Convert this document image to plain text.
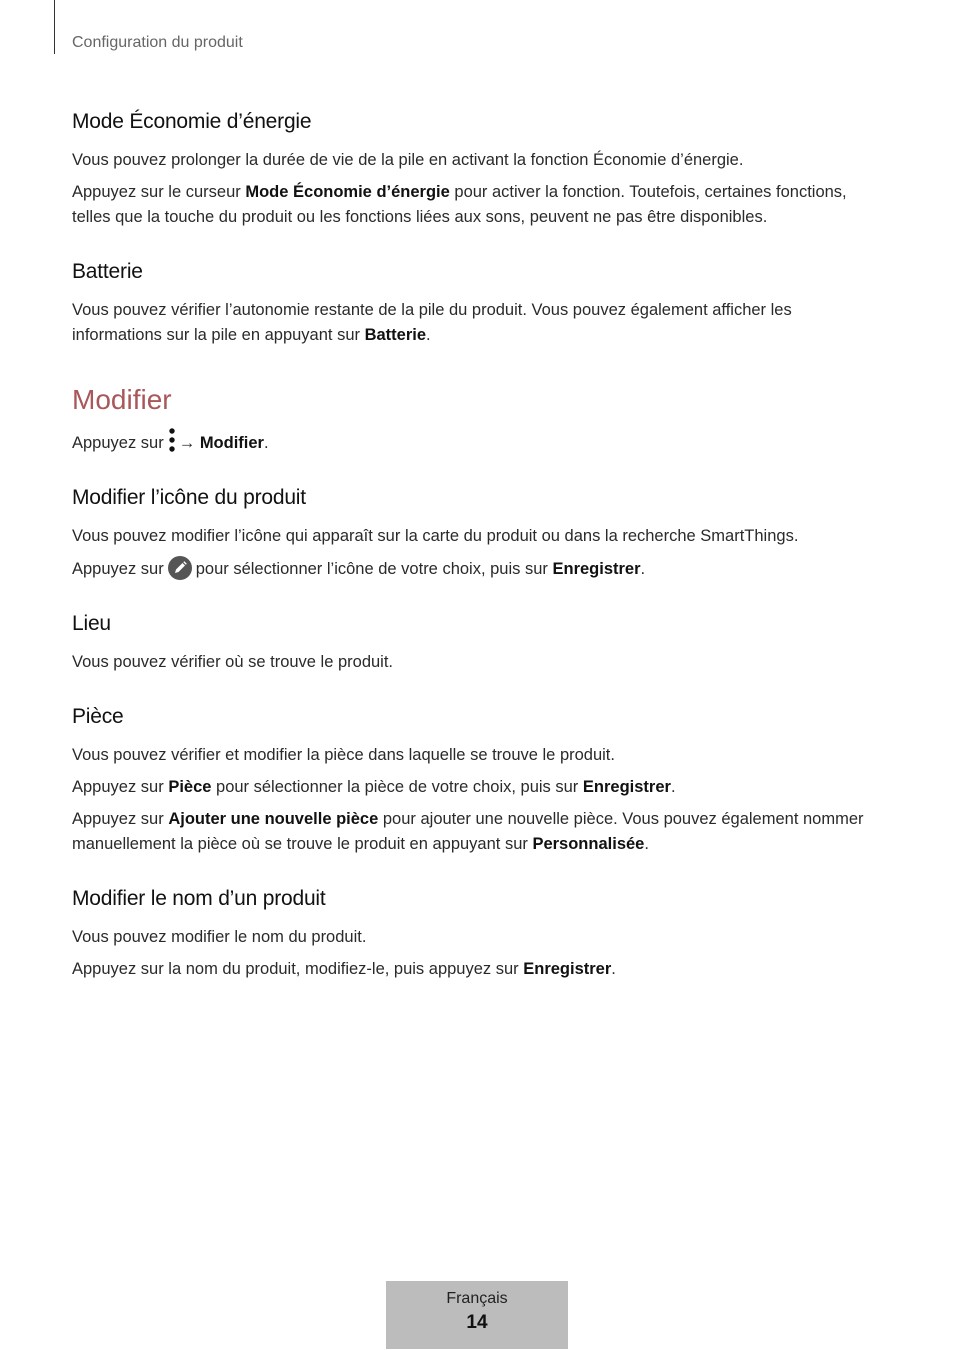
Configuration du produit
Mode Économie d’énergie

Vous pouvez prolonger la durée de vie de la pile en activant la fonction Économie d’énergie.

Appuyez sur le curseur Mode Économie d’énergie pour activer la fonction. Toutefois, certaines fonctions, telles que la touche du produit ou les fonctions liées aux sons, peuvent ne pas être disponibles.

Batterie

Vous pouvez vérifier l’autonomie restante de la pile du produit. Vous pouvez également afficher les informations sur la pile en appuyant sur Batterie.

Modifier

Appuyez sur → Modifier.

Modifier l’icône du produit

Vous pouvez modifier l’icône qui apparaît sur la carte du produit ou dans la recherche SmartThings.

Appuyez sur pour sélectionner l’icône de votre choix, puis sur Enregistrer.

Lieu

Vous pouvez vérifier où se trouve le produit.

Pièce

Vous pouvez vérifier et modifier la pièce dans laquelle se trouve le produit.

Appuyez sur Pièce pour sélectionner la pièce de votre choix, puis sur Enregistrer.

Appuyez sur Ajouter une nouvelle pièce pour ajouter une nouvelle pièce. Vous pouvez également nommer manuellement la pièce où se trouve le produit en appuyant sur Personnalisée.

Modifier le nom d’un produit

Vous pouvez modifier le nom du produit.

Appuyez sur la nom du produit, modifiez-le, puis appuyez sur Enregistrer.

Français
14
